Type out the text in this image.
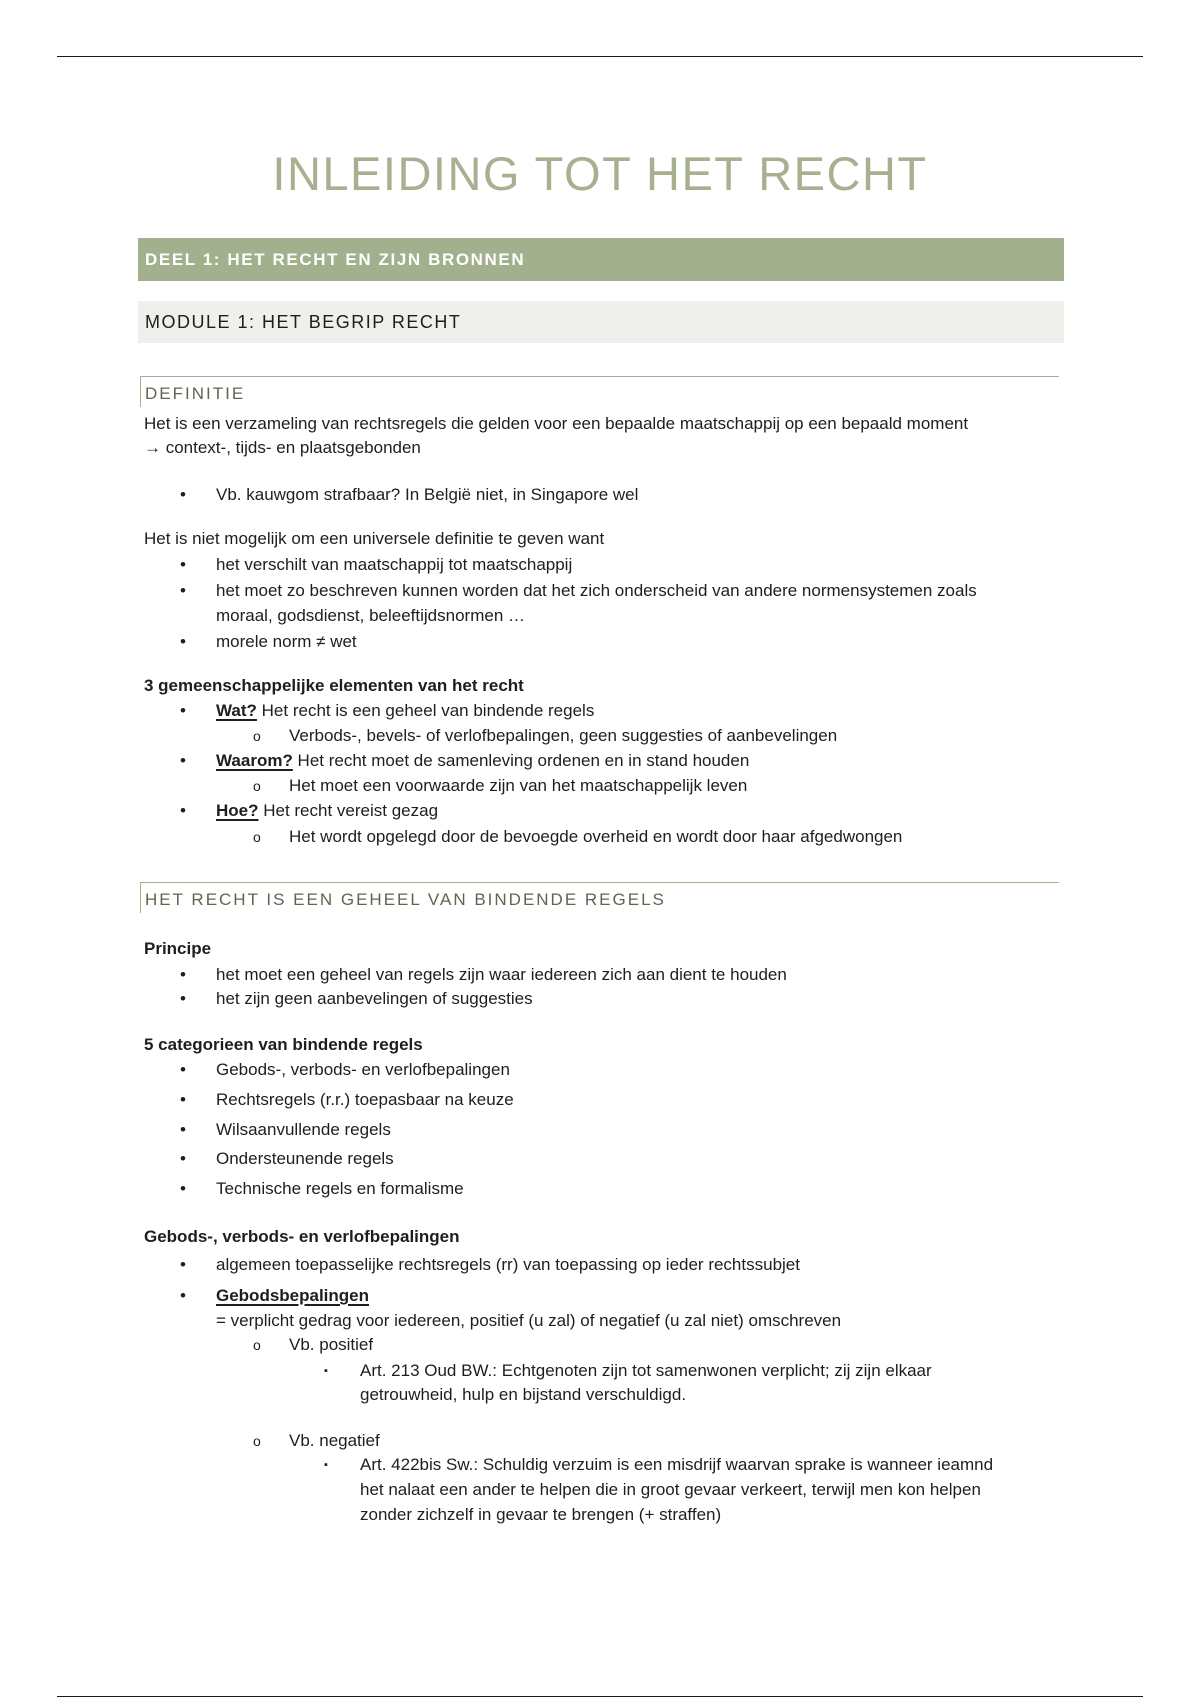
INLEIDING TOT HET RECHT
DEEL 1: HET RECHT EN ZIJN BRONNEN
MODULE 1: HET BEGRIP RECHT
DEFINITIE
Het is een verzameling van rechtsregels die gelden voor een bepaalde maatschappij op een bepaald moment
→ context-, tijds- en plaatsgebonden
• Vb. kauwgom strafbaar? In België niet, in Singapore wel
Het is niet mogelijk om een universele definitie te geven want
• het verschilt van maatschappij tot maatschappij
• het moet zo beschreven kunnen worden dat het zich onderscheid van andere normensystemen zoals
moraal, godsdienst, beleeftijdsnormen …
• morele norm ≠ wet
3 gemeenschappelijke elementen van het recht
• Wat? Het recht is een geheel van bindende regels
o Verbods-, bevels- of verlofbepalingen, geen suggesties of aanbevelingen
• Waarom? Het recht moet de samenleving ordenen en in stand houden
o Het moet een voorwaarde zijn van het maatschappelijk leven
• Hoe? Het recht vereist gezag
o Het wordt opgelegd door de bevoegde overheid en wordt door haar afgedwongen
HET RECHT IS EEN GEHEEL VAN BINDENDE REGELS
Principe
• het moet een geheel van regels zijn waar iedereen zich aan dient te houden
• het zijn geen aanbevelingen of suggesties
5 categorieen van bindende regels
• Gebods-, verbods- en verlofbepalingen
• Rechtsregels (r.r.) toepasbaar na keuze
• Wilsaanvullende regels
• Ondersteunende regels
• Technische regels en formalisme
Gebods-, verbods- en verlofbepalingen
• algemeen toepasselijke rechtsregels (rr) van toepassing op ieder rechtssubjet
• Gebodsbepalingen
= verplicht gedrag voor iedereen, positief (u zal) of negatief (u zal niet) omschreven
o Vb. positief
▪ Art. 213 Oud BW.: Echtgenoten zijn tot samenwonen verplicht; zij zijn elkaar
getrouwheid, hulp en bijstand verschuldigd.
o Vb. negatief
▪ Art. 422bis Sw.: Schuldig verzuim is een misdrijf waarvan sprake is wanneer ieamnd
het nalaat een ander te helpen die in groot gevaar verkeert, terwijl men kon helpen
zonder zichzelf in gevaar te brengen (+ straffen)
